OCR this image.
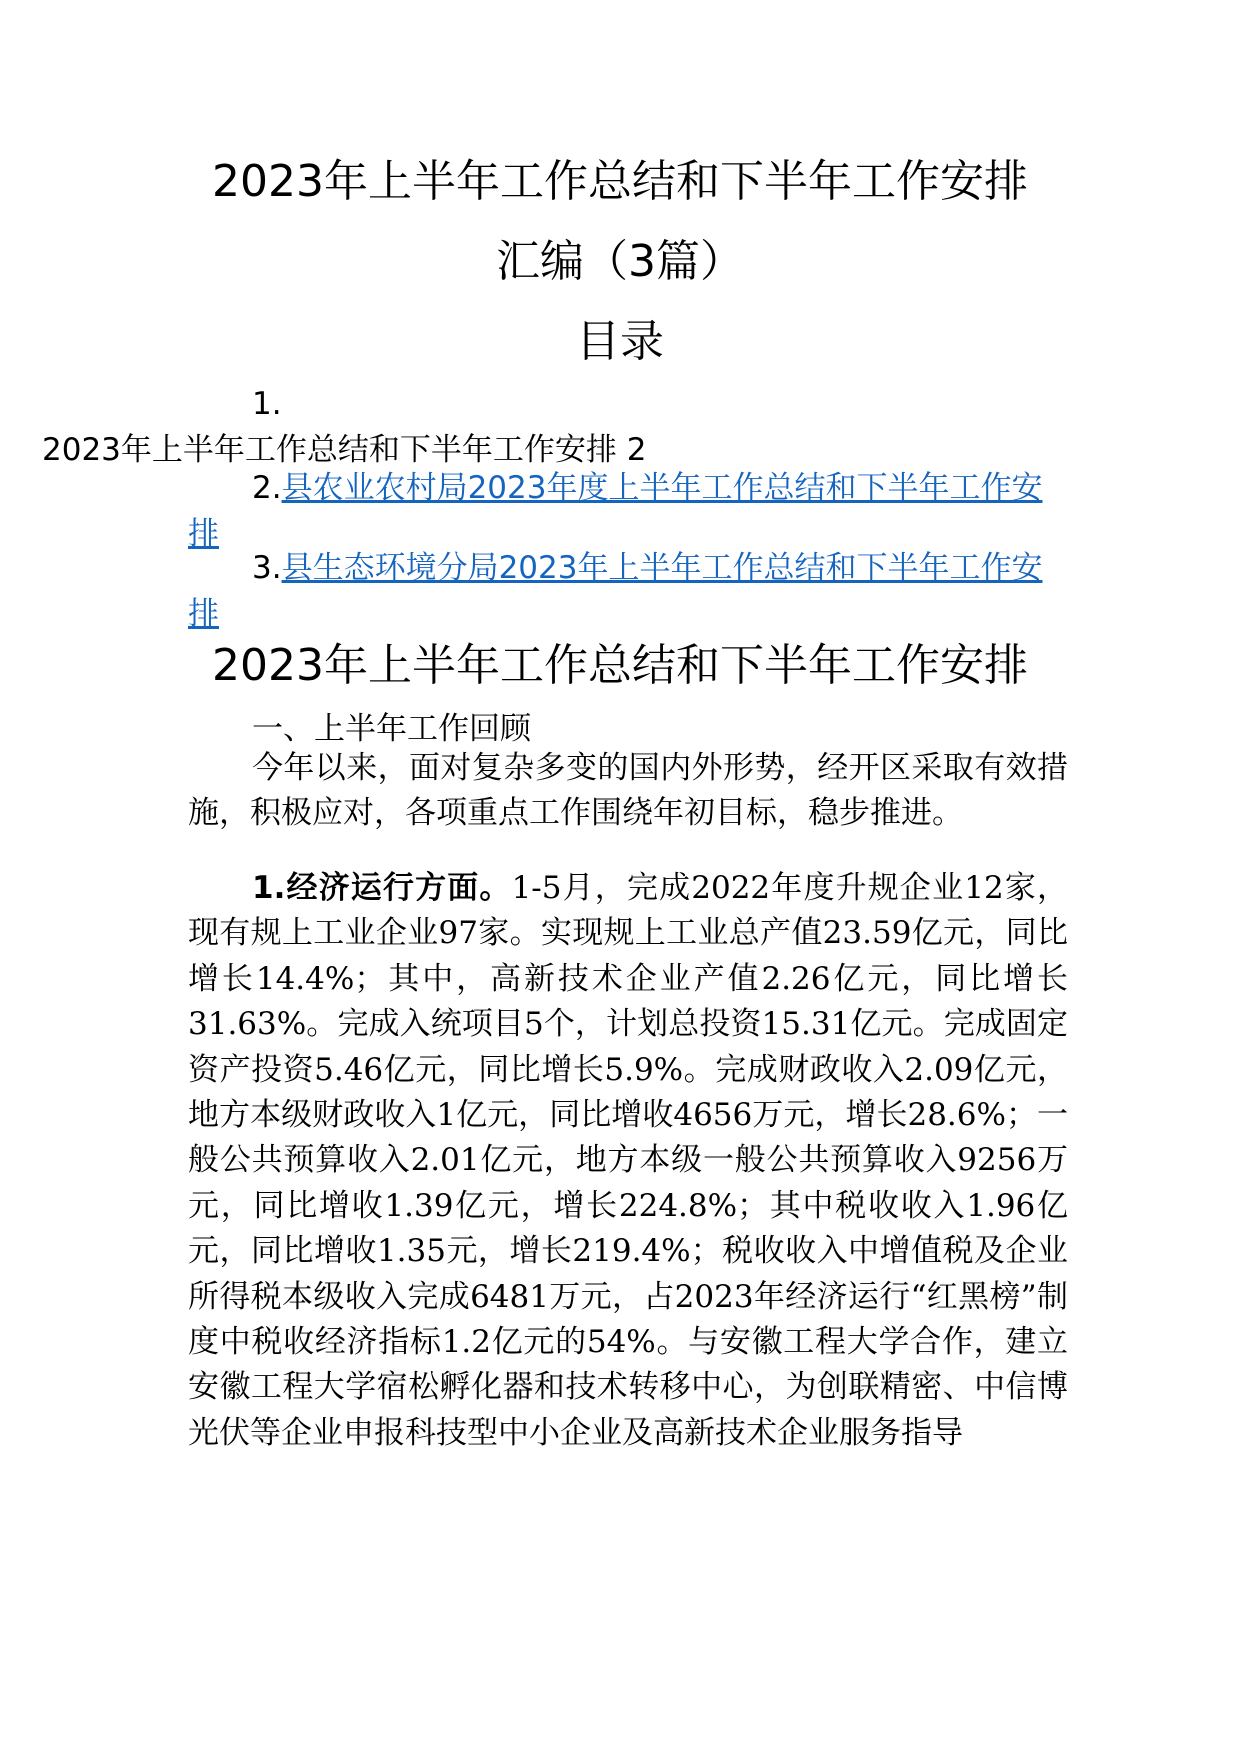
2023年上半年工作总结和下半年工作安排
汇编（3篇）
目录
1.
2023年上半年工作总结和下半年工作安排 2
2.县农业农村局2023年度上半年工作总结和下半年工作安排
3.县生态环境分局2023年上半年工作总结和下半年工作安排
2023年上半年工作总结和下半年工作安排
一、上半年工作回顾
今年以来，面对复杂多变的国内外形势，经开区采取有效措施，积极应对，各项重点工作围绕年初目标，稳步推进。
1.经济运行方面。1-5月，完成2022年度升规企业12家，现有规上工业企业97家。实现规上工业总产值23.59亿元，同比增长14.4%；其中，高新技术企业产值2.26亿元，同比增长31.63%。完成入统项目5个，计划总投资15.31亿元。完成固定资产投资5.46亿元，同比增长5.9%。完成财政收入2.09亿元，地方本级财政收入1亿元，同比增收4656万元，增长28.6%；一般公共预算收入2.01亿元，地方本级一般公共预算收入9256万元，同比增收1.39亿元，增长224.8%；其中税收收入1.96亿元，同比增收1.35元，增长219.4%；税收收入中增值税及企业所得税本级收入完成6481万元，占2023年经济运行“红黑榜”制度中税收经济指标1.2亿元的54%。与安徽工程大学合作，建立安徽工程大学宿松孵化器和技术转移中心，为创联精密、中信博光伏等企业申报科技型中小企业及高新技术企业服务指导
